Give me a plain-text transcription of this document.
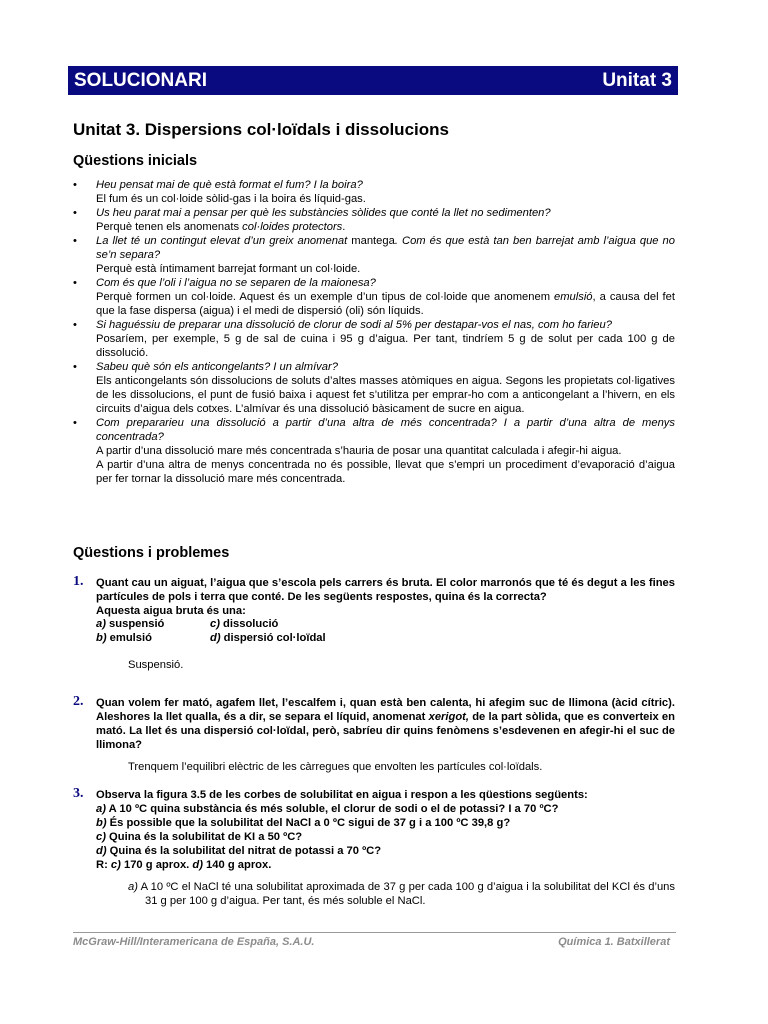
SOLUCIONARI	Unitat 3
Unitat 3. Dispersions col·loïdals i dissolucions
Qüestions inicials
• Heu pensat mai de què està format el fum? I la boira?
El fum és un col·loide sòlid-gas i la boira és líquid-gas.
• Us heu parat mai a pensar per què les substàncies sòlides que conté la llet no sedimenten?
Perquè tenen els anomenats col·loides protectors.
• La llet té un contingut elevat d’un greix anomenat mantega. Com és que està tan ben barrejat amb l’aigua que no se’n separa?
Perquè està íntimament barrejat formant un col·loide.
• Com és que l’oli i l’aigua no se separen de la maionesa?
Perquè formen un col·loide. Aquest és un exemple d’un tipus de col·loide que anomenem emulsió, a causa del fet que la fase dispersa (aigua) i el medi de dispersió (oli) són líquids.
• Si haguéssiu de preparar una dissolució de clorur de sodi al 5% per destapar-vos el nas, com ho farieu?
Posaríem, per exemple, 5 g de sal de cuina i 95 g d’aigua. Per tant, tindríem 5 g de solut per cada 100 g de dissolució.
• Sabeu què són els anticongelants? I un almívar?
Els anticongelants són dissolucions de soluts d’altes masses atòmiques en aigua. Segons les propietats col·ligatives de les dissolucions, el punt de fusió baixa i aquest fet s’utilitza per emprar-ho com a anticongelant a l’hivern, en els circuits d’aigua dels cotxes. L’almívar és una dissolució bàsicament de sucre en aigua.
• Com prepararieu una dissolució a partir d’una altra de més concentrada? I a partir d’una altra de menys concentrada?
A partir d’una dissolució mare més concentrada s’hauria de posar una quantitat calculada i afegir-hi aigua.
A partir d’una altra de menys concentrada no és possible, llevat que s’empri un procediment d’evaporació d’aigua per fer tornar la dissolució mare més concentrada.
Qüestions i problemes
1. Quant cau un aiguat, l’aigua que s’escola pels carrers és bruta. El color marronós que té és degut a les fines partícules de pols i terra que conté. De les següents respostes, quina és la correcta?
Aquesta aigua bruta és una:
a) suspensió	c) dissolució
b) emulsió	d) dispersió col·loïdal
Suspensió.
2. Quan volem fer mató, agafem llet, l’escalfem i, quan està ben calenta, hi afegim suc de llimona (àcid cítric). Aleshores la llet qualla, és a dir, se separa el líquid, anomenat xerigot, de la part sòlida, que es converteix en mató. La llet és una dispersió col·loïdal, però, sabríeu dir quins fenòmens s’esdevenen en afegir-hi el suc de llimona?
Trenquem l’equilibri elèctric de les càrregues que envolten les partícules col·loïdals.
3. Observa la figura 3.5 de les corbes de solubilitat en aigua i respon a les qüestions següents:
a) A 10 ºC quina substància és més soluble, el clorur de sodi o el de potassi? I a 70 ºC?
b) És possible que la solubilitat del NaCl a 0 ºC sigui de 37 g i a 100 ºC 39,8 g?
c) Quina és la solubilitat de KI a 50 ºC?
d) Quina és la solubilitat del nitrat de potassi a 70 ºC?
R: c) 170 g aprox. d) 140 g aprox.
a) A 10 ºC el NaCl té una solubilitat aproximada de 37 g per cada 100 g d’aigua i la solubilitat del KCl és d’uns 31 g per 100 g d’aigua. Per tant, és més soluble el NaCl.
McGraw-Hill/Interamericana de España, S.A.U.	Química 1. Batxillerat
